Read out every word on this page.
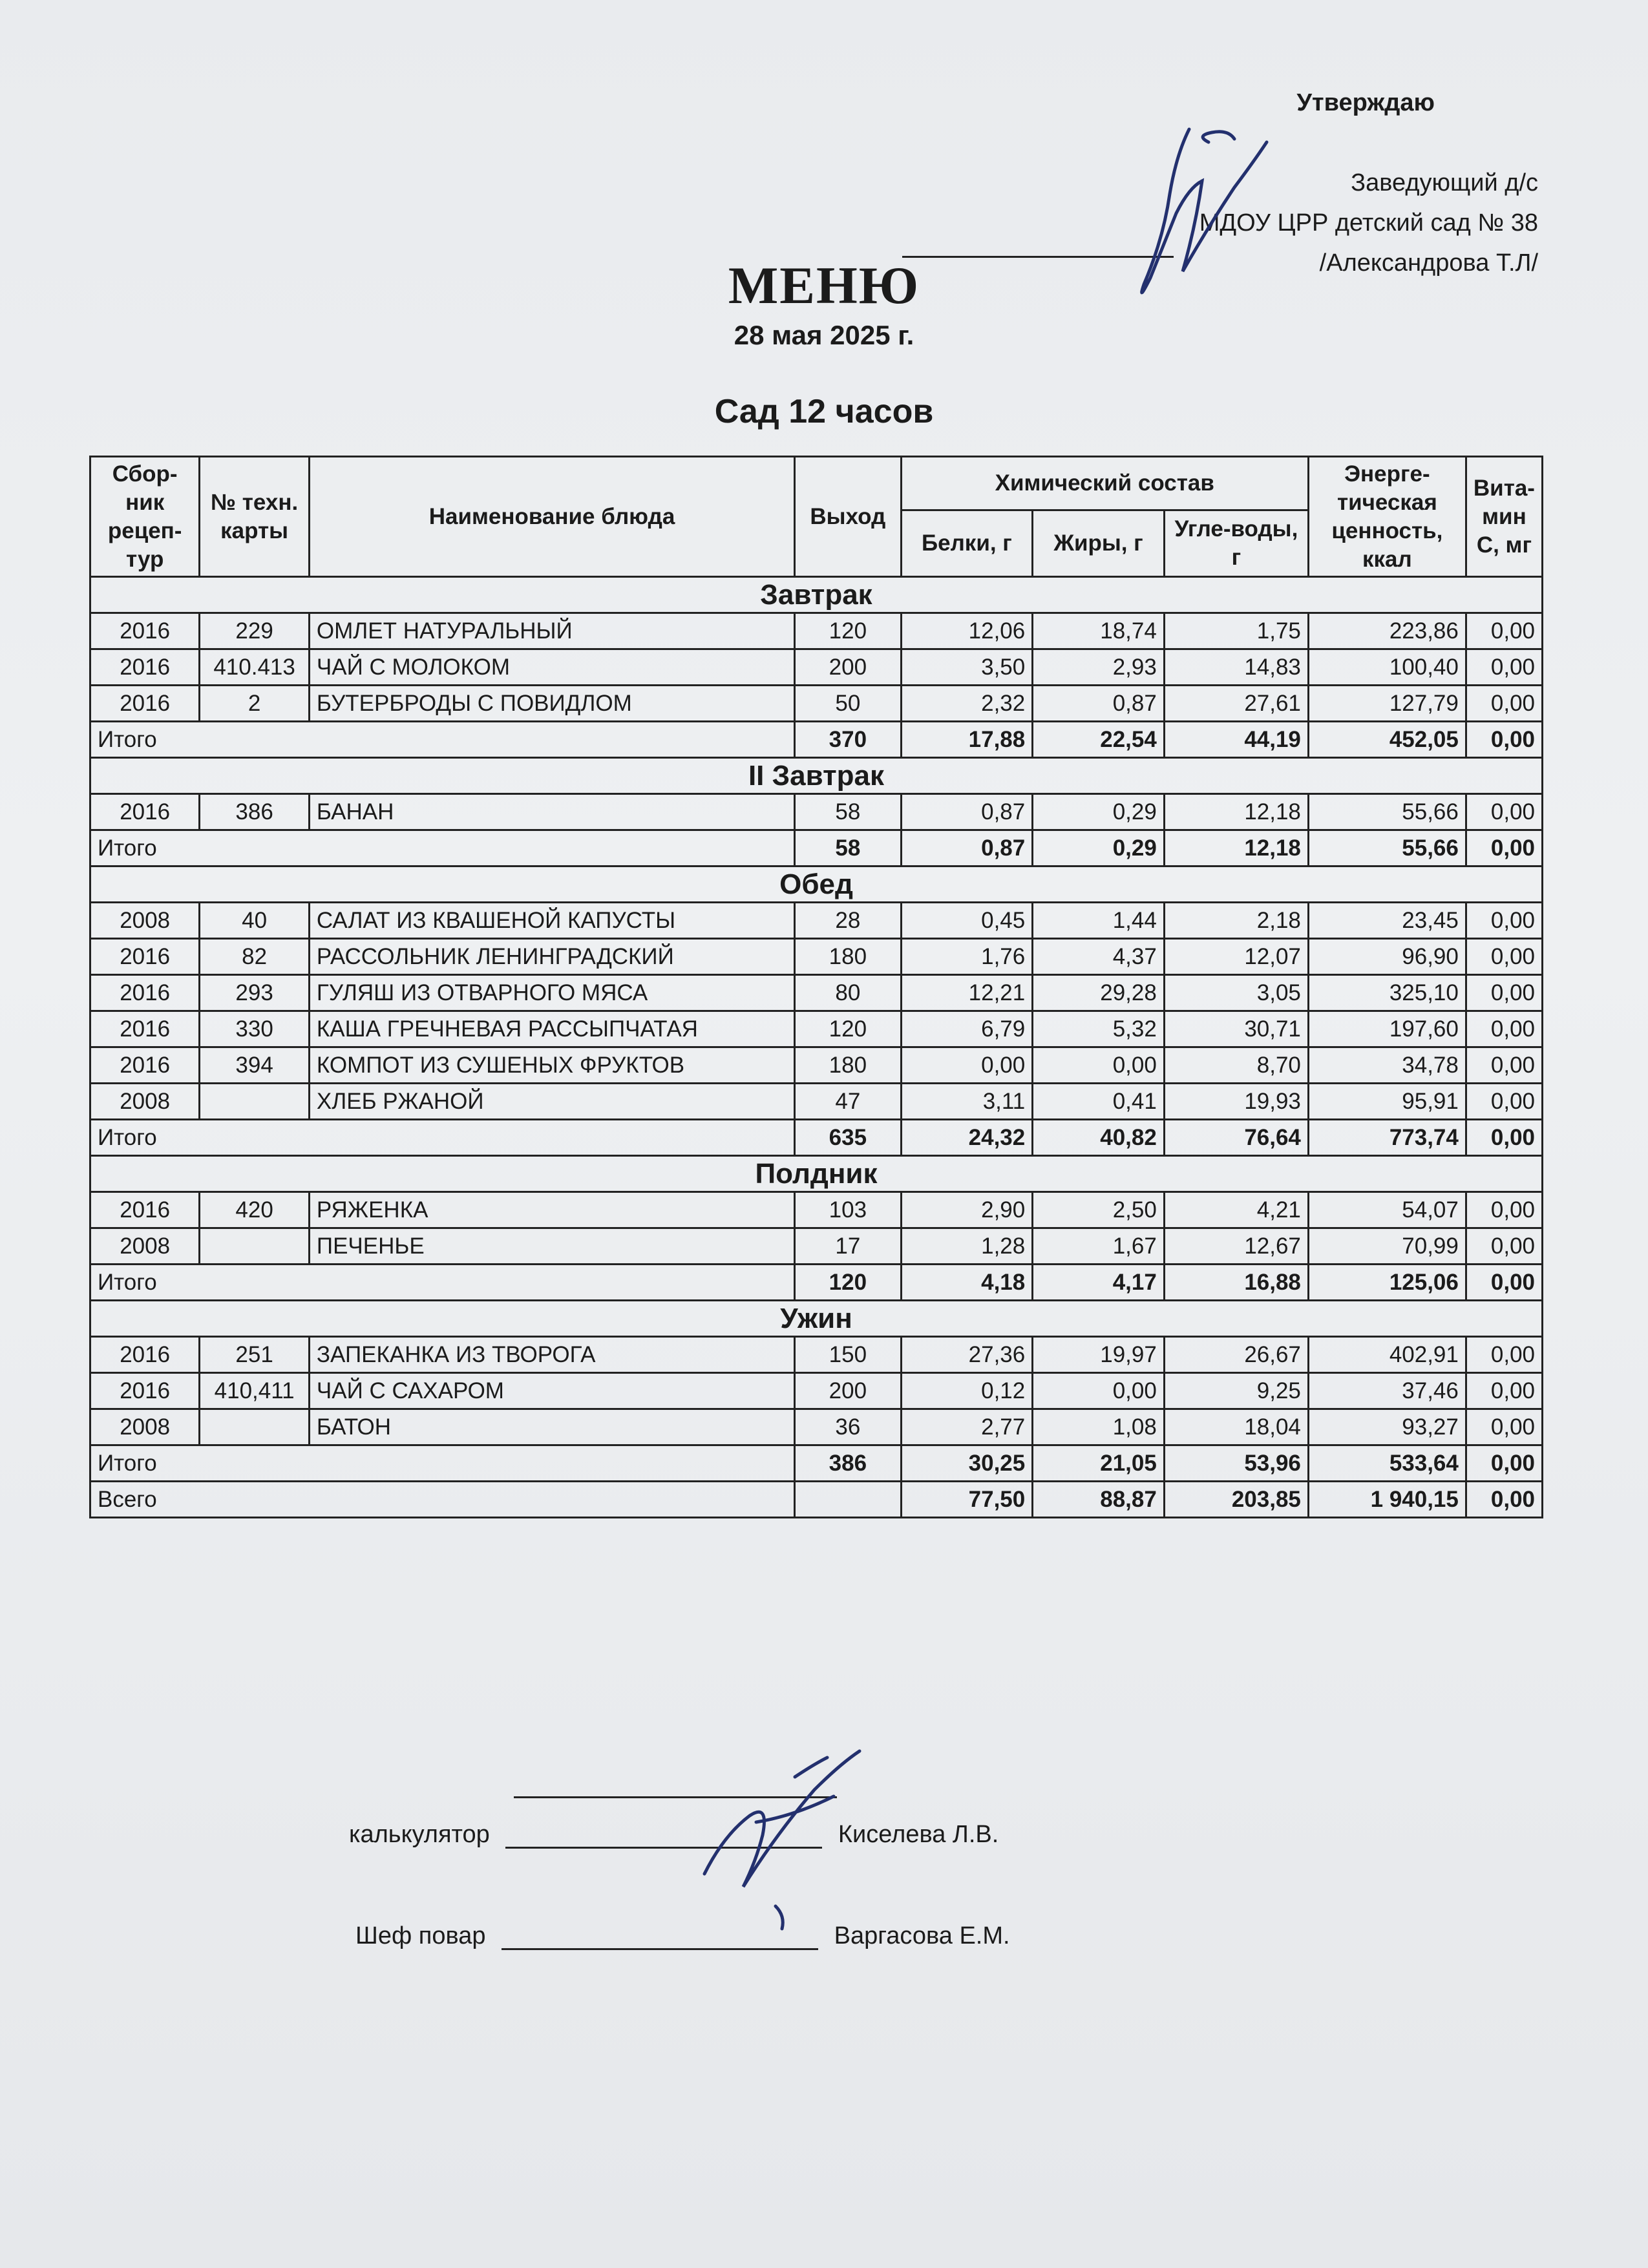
Утверждаю
Заведующий д/с
МДОУ ЦРР детский сад № 38
/Александрова Т.Л/
МЕНЮ
28 мая 2025 г.
Сад 12 часов
Сбор-ник рецеп-тур	№ техн. карты	Наименование блюда	Выход	Химический состав			Энерге-тическая ценность, ккал	Вита-мин С, мг
				Белки, г	Жиры, г	Угле-воды, г		
Завтрак								
2016	229	ОМЛЕТ НАТУРАЛЬНЫЙ	120	12,06	18,74	1,75	223,86	0,00
2016	410.413	ЧАЙ С МОЛОКОМ	200	3,50	2,93	14,83	100,40	0,00
2016	2	БУТЕРБРОДЫ С ПОВИДЛОМ	50	2,32	0,87	27,61	127,79	0,00
Итого			370	17,88	22,54	44,19	452,05	0,00
II Завтрак								
2016	386	БАНАН	58	0,87	0,29	12,18	55,66	0,00
Итого			58	0,87	0,29	12,18	55,66	0,00
Обед								
2008	40	САЛАТ ИЗ КВАШЕНОЙ КАПУСТЫ	28	0,45	1,44	2,18	23,45	0,00
2016	82	РАССОЛЬНИК ЛЕНИНГРАДСКИЙ	180	1,76	4,37	12,07	96,90	0,00
2016	293	ГУЛЯШ ИЗ ОТВАРНОГО МЯСА	80	12,21	29,28	3,05	325,10	0,00
2016	330	КАША ГРЕЧНЕВАЯ РАССЫПЧАТАЯ	120	6,79	5,32	30,71	197,60	0,00
2016	394	КОМПОТ ИЗ СУШЕНЫХ ФРУКТОВ	180	0,00	0,00	8,70	34,78	0,00
2008		ХЛЕБ РЖАНОЙ	47	3,11	0,41	19,93	95,91	0,00
Итого			635	24,32	40,82	76,64	773,74	0,00
Полдник								
2016	420	РЯЖЕНКА	103	2,90	2,50	4,21	54,07	0,00
2008		ПЕЧЕНЬЕ	17	1,28	1,67	12,67	70,99	0,00
Итого			120	4,18	4,17	16,88	125,06	0,00
Ужин								
2016	251	ЗАПЕКАНКА ИЗ ТВОРОГА	150	27,36	19,97	26,67	402,91	0,00
2016	410,411	ЧАЙ С САХАРОМ	200	0,12	0,00	9,25	37,46	0,00
2008		БАТОН	36	2,77	1,08	18,04	93,27	0,00
Итого			386	30,25	21,05	53,96	533,64	0,00
Всего				77,50	88,87	203,85	1 940,15	0,00
калькулятор	Киселева Л.В.
Шеф повар	Варгасова Е.М.
